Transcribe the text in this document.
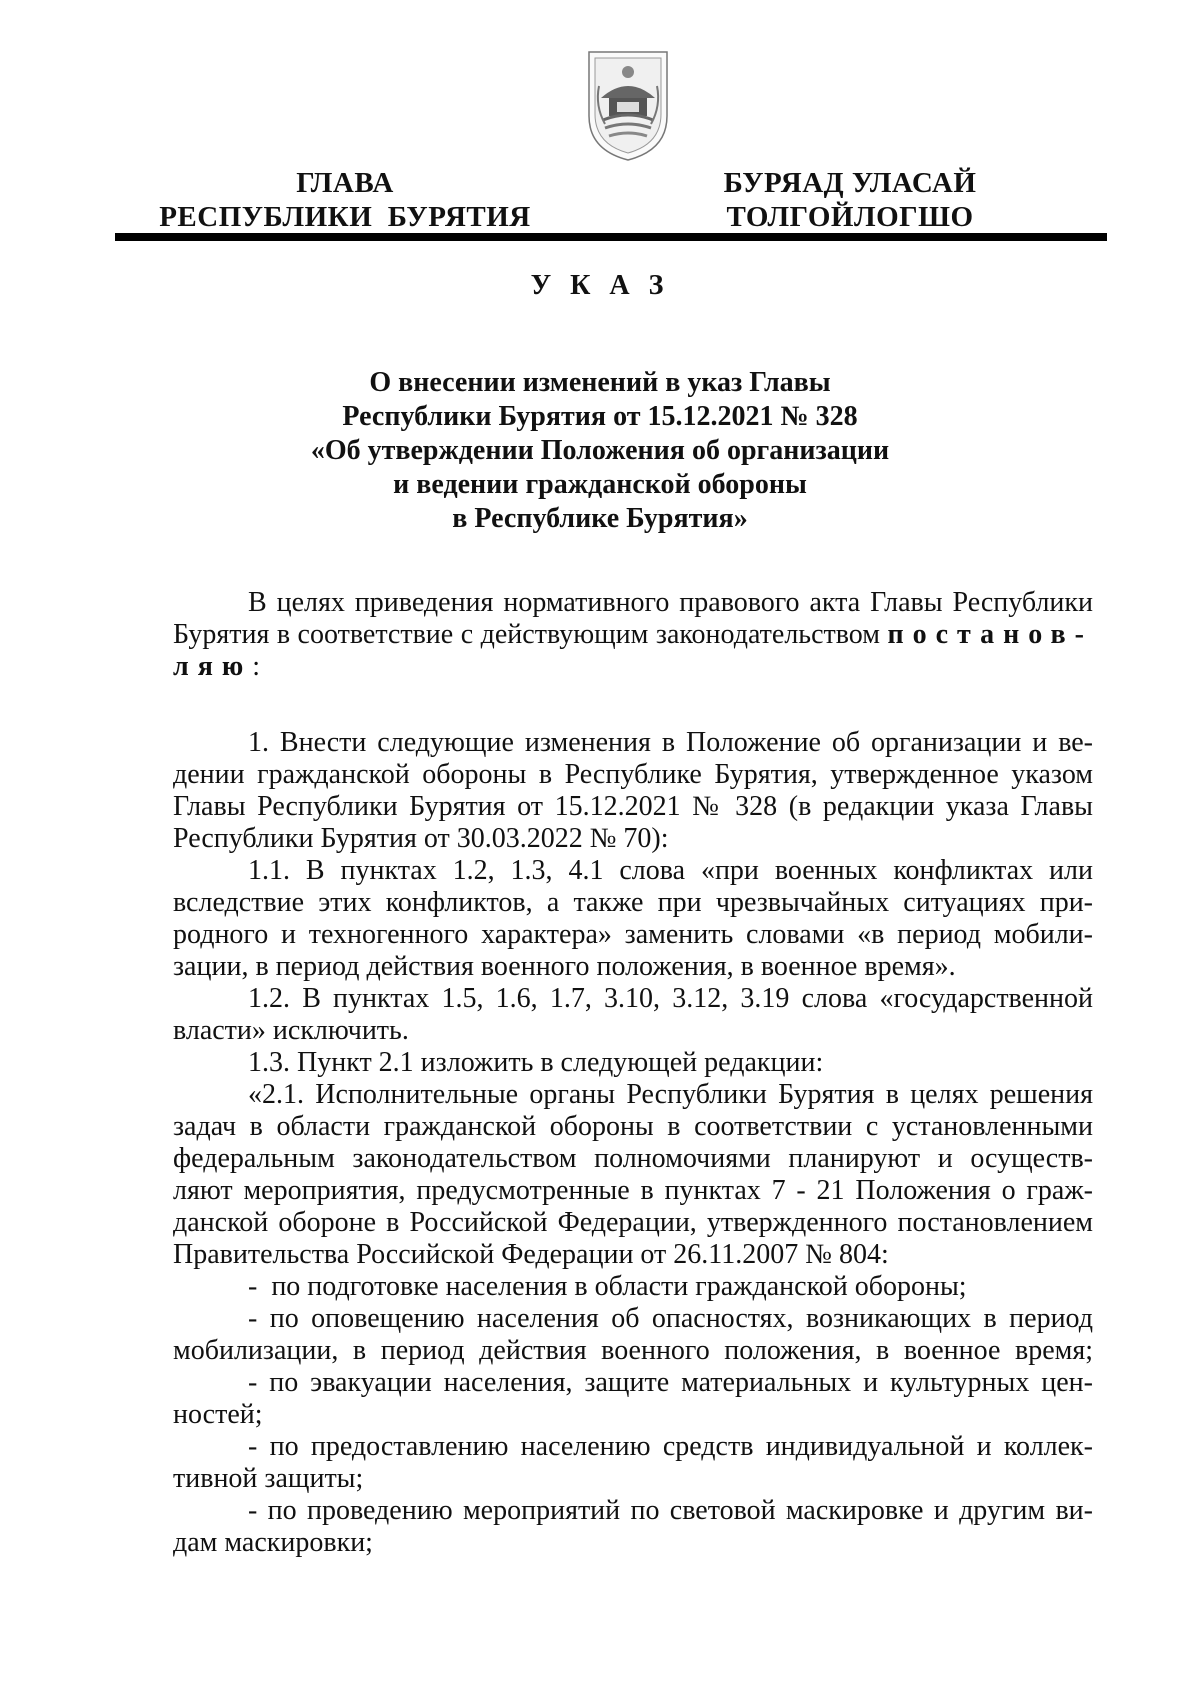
ГЛАВА
РЕСПУБЛИКИ  БУРЯТИЯ
БУРЯАД УЛАСАЙ
ТОЛГОЙЛОГШО
У К А З
О внесении изменений в указ Главы
Республики Бурятия от 15.12.2021 № 328
«Об утверждении Положения об организации
и ведении гражданской обороны
в Республике Бурятия»
В целях приведения нормативного правового акта Главы Республики
Бурятия в соответствие с действующим законодательством постанов-
ляю:
1. Внести следующие изменения в Положение об организации и ве-
дении гражданской обороны в Республике Бурятия, утвержденное указом
Главы Республики Бурятия от 15.12.2021 № 328 (в редакции указа Главы
Республики Бурятия от 30.03.2022 № 70):
1.1. В пунктах 1.2, 1.3, 4.1 слова «при военных конфликтах или
вследствие этих конфликтов, а также при чрезвычайных ситуациях при-
родного и техногенного характера» заменить словами «в период мобили-
зации, в период действия военного положения, в военное время».
1.2. В пунктах 1.5, 1.6, 1.7, 3.10, 3.12, 3.19 слова «государственной
власти» исключить.
1.3. Пункт 2.1 изложить в следующей редакции:
«2.1. Исполнительные органы Республики Бурятия в целях решения
задач в области гражданской обороны в соответствии с установленными
федеральным законодательством полномочиями планируют и осуществ-
ляют мероприятия, предусмотренные в пунктах 7 - 21 Положения о граж-
данской обороне в Российской Федерации, утвержденного постановлением
Правительства Российской Федерации от 26.11.2007 № 804:
-  по подготовке населения в области гражданской обороны;
- по оповещению населения об опасностях, возникающих в период
мобилизации, в период действия военного положения, в военное время;
- по эвакуации населения, защите материальных и культурных цен-
ностей;
- по предоставлению населению средств индивидуальной и коллек-
тивной защиты;
- по проведению мероприятий по световой маскировке и другим ви-
дам маскировки;
